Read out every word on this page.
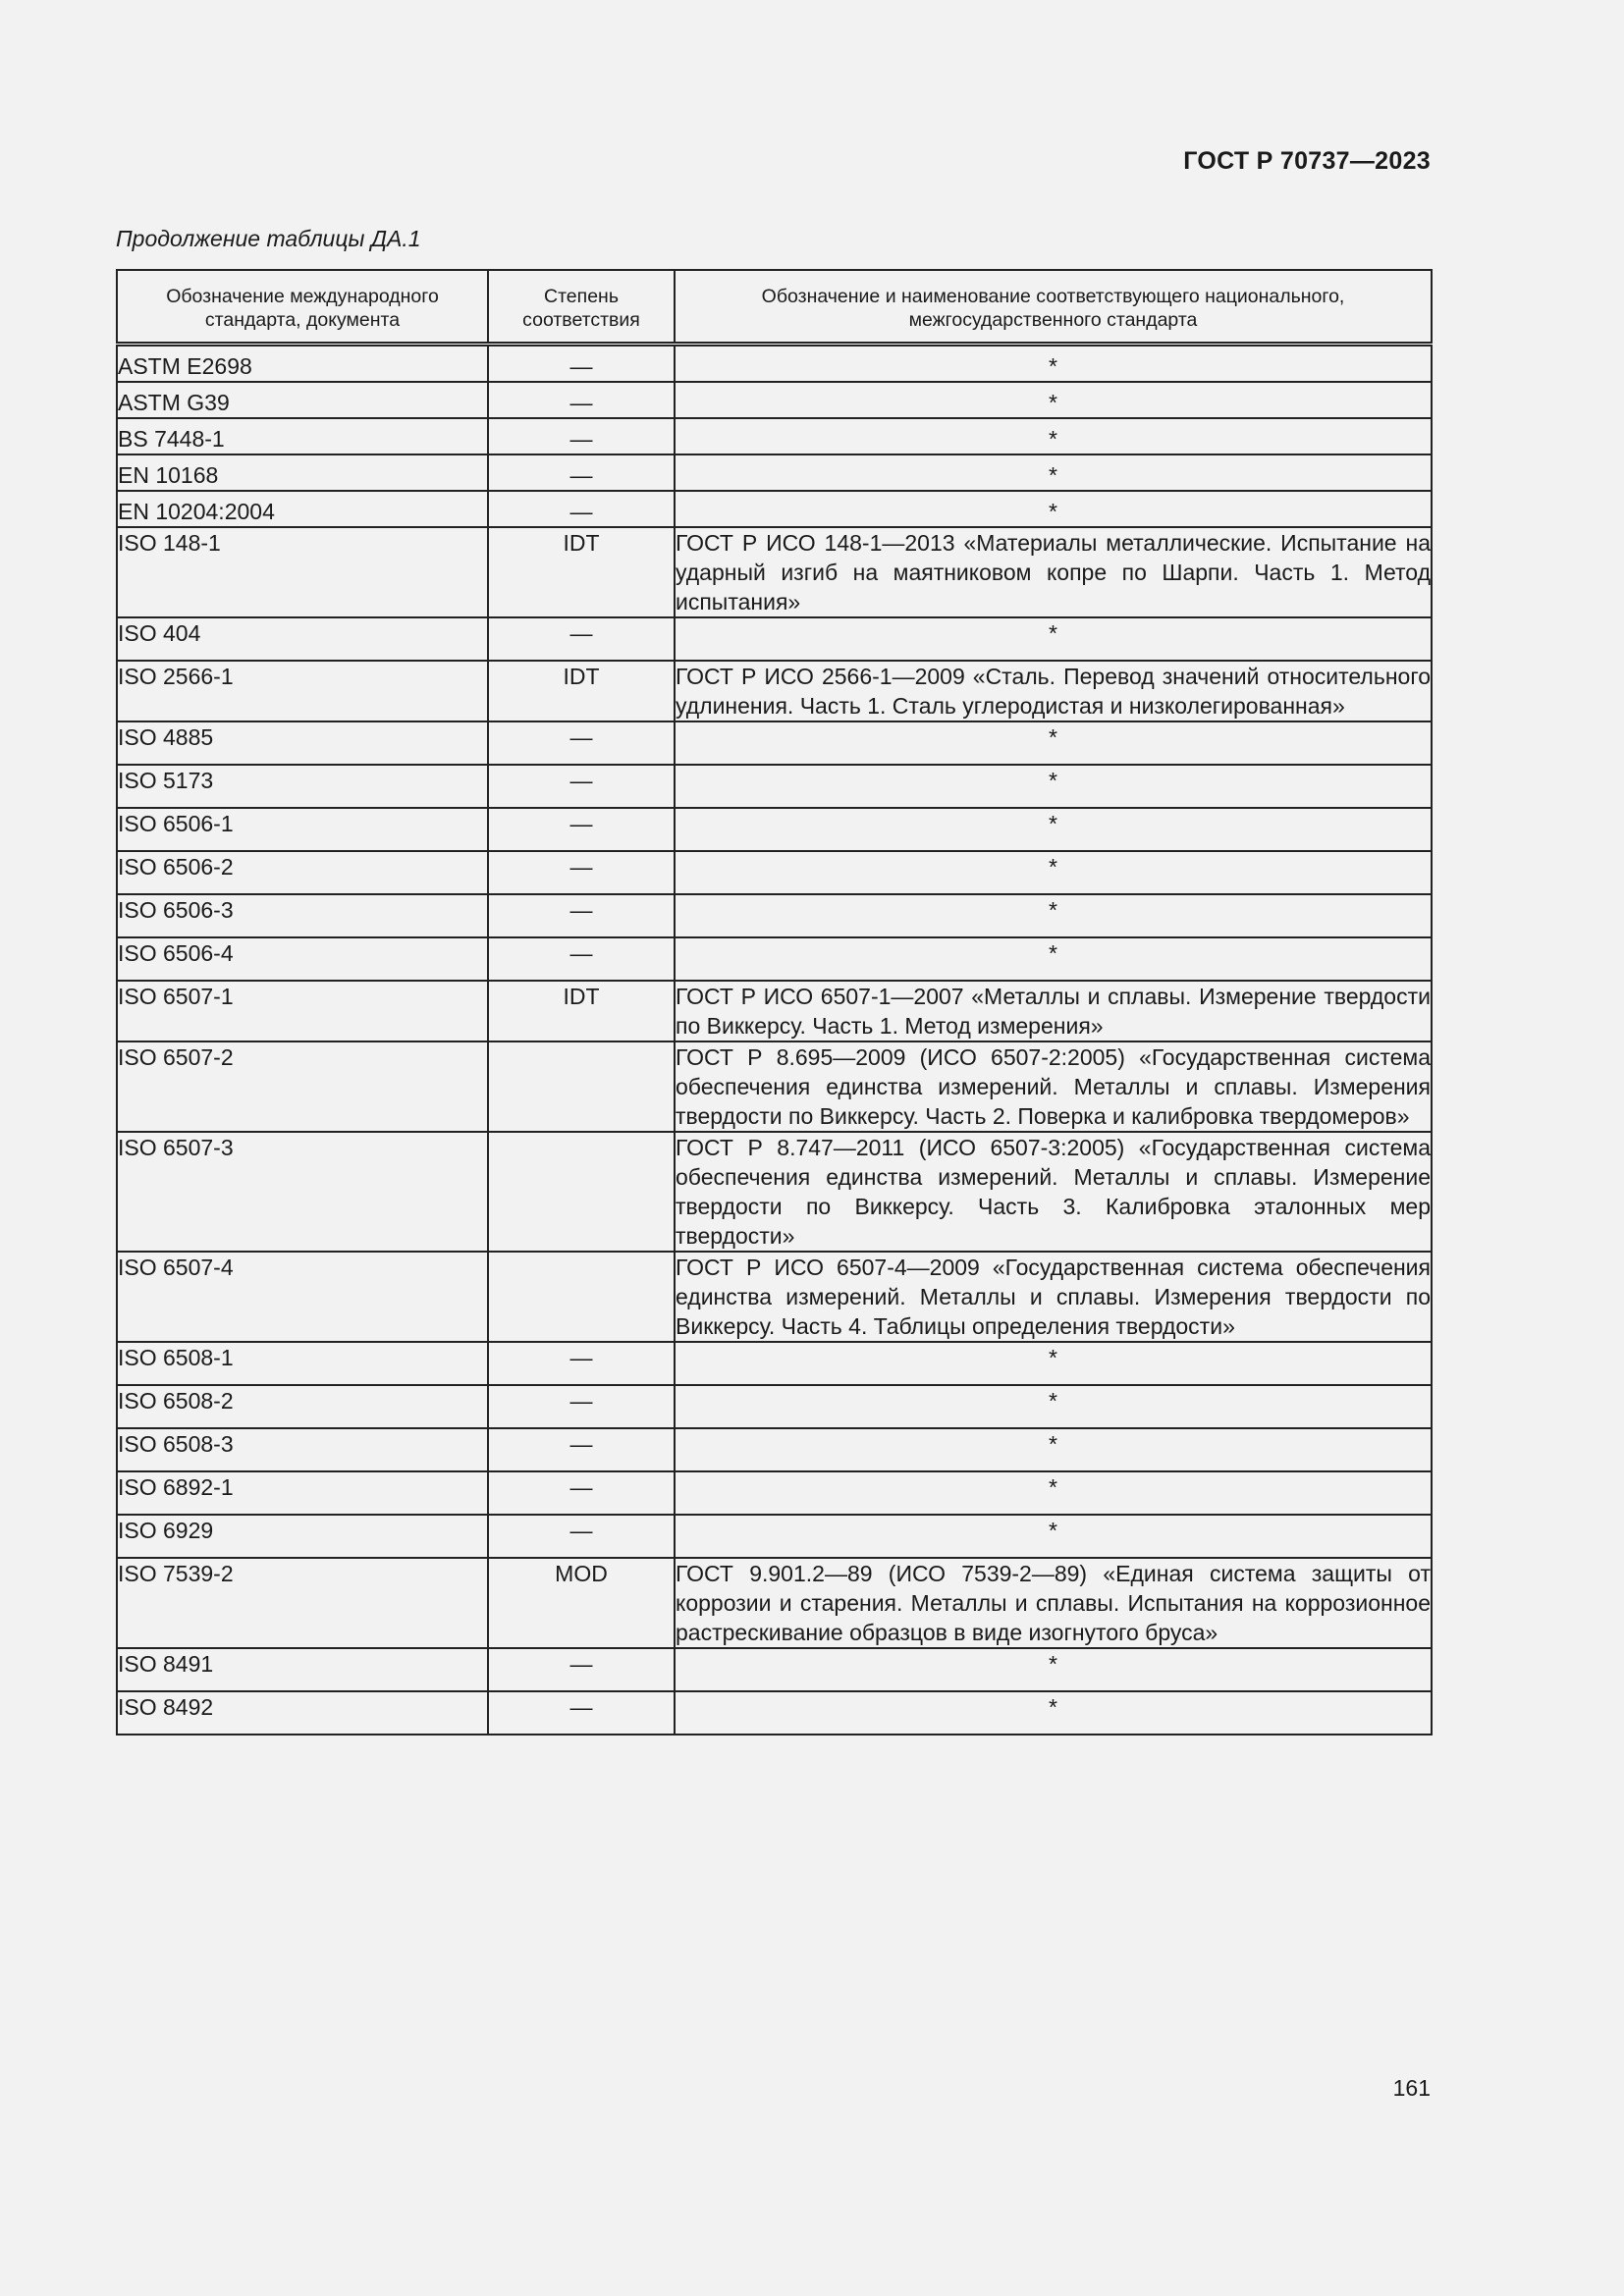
ГОСТ Р 70737—2023
Продолжение таблицы ДА.1
Обозначение международного стандарта, документа	Степень соответствия	Обозначение и наименование соответствующего национального, межгосударственного стандарта
ASTM E2698	—	*
ASTM G39	—	*
BS 7448-1	—	*
EN 10168	—	*
EN 10204:2004	—	*
ISO 148-1	IDT	ГОСТ Р ИСО 148-1—2013 «Материалы металлические. Испытание на ударный изгиб на маятниковом копре по Шарпи. Часть 1. Метод испытания»
ISO 404	—	*
ISO 2566-1	IDT	ГОСТ Р ИСО 2566-1—2009 «Сталь. Перевод значений относительного удлинения. Часть 1. Сталь углеродистая и низколегированная»
ISO 4885	—	*
ISO 5173	—	*
ISO 6506-1	—	*
ISO 6506-2	—	*
ISO 6506-3	—	*
ISO 6506-4	—	*
ISO 6507-1	IDT	ГОСТ Р ИСО 6507-1—2007 «Металлы и сплавы. Измерение твердости по Виккерсу. Часть 1. Метод измерения»
ISO 6507-2		ГОСТ Р 8.695—2009 (ИСО 6507-2:2005) «Государственная система обеспечения единства измерений. Металлы и сплавы. Измерения твердости по Виккерсу. Часть 2. Поверка и калибровка твердомеров»
ISO 6507-3		ГОСТ Р 8.747—2011 (ИСО 6507-3:2005) «Государственная система обеспечения единства измерений. Металлы и сплавы. Измерение твердости по Виккерсу. Часть 3. Калибровка эталонных мер твердости»
ISO 6507-4		ГОСТ Р ИСО 6507-4—2009 «Государственная система обеспечения единства измерений. Металлы и сплавы. Измерения твердости по Виккерсу. Часть 4. Таблицы определения твердости»
ISO 6508-1	—	*
ISO 6508-2	—	*
ISO 6508-3	—	*
ISO 6892-1	—	*
ISO 6929	—	*
ISO 7539-2	MOD	ГОСТ 9.901.2—89 (ИСО 7539-2—89) «Единая система защиты от коррозии и старения. Металлы и сплавы. Испытания на коррозионное растрескивание образцов в виде изогнутого бруса»
ISO 8491	—	*
ISO 8492	—	*
161
